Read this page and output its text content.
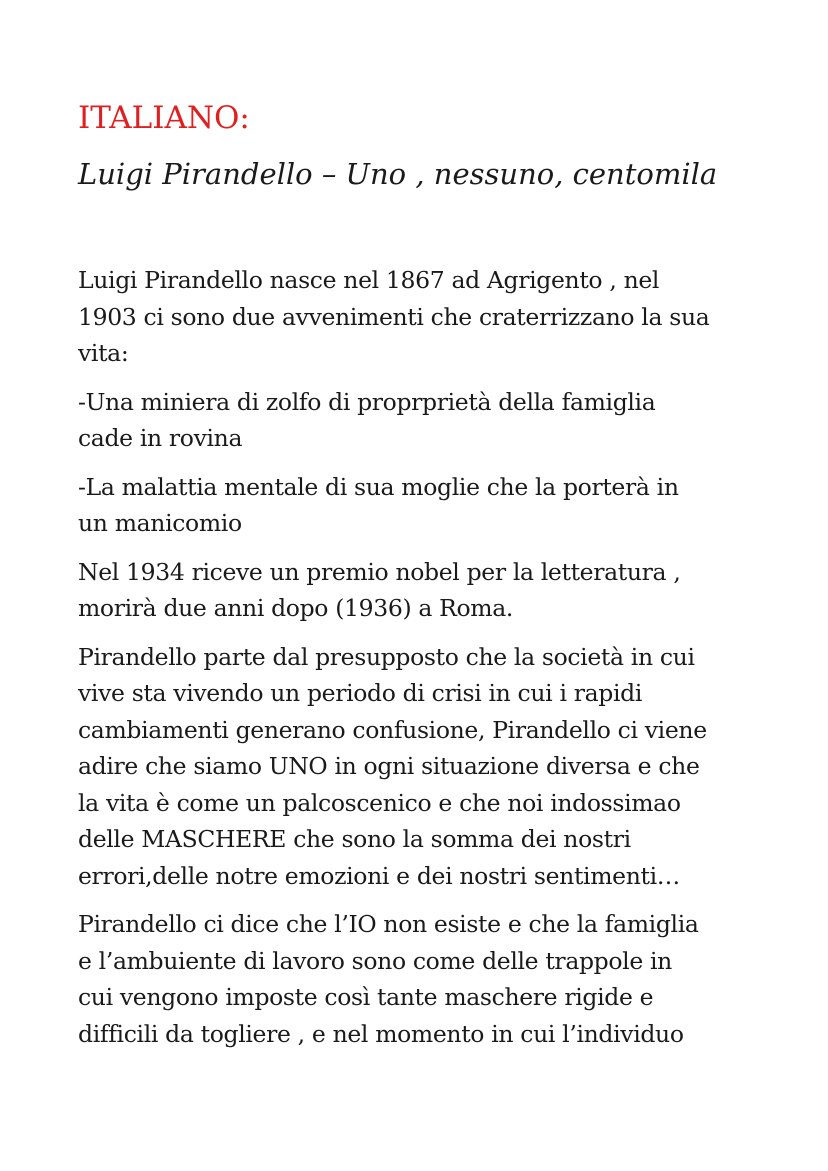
ITALIANO:
Luigi Pirandello – Uno , nessuno, centomila

Luigi Pirandello nasce nel 1867 ad Agrigento , nel
1903 ci sono due avvenimenti che craterrizzano la sua
vita:

-Una miniera di zolfo di proprprietà della famiglia
cade in rovina

-La malattia mentale di sua moglie che la porterà in
un manicomio

Nel 1934 riceve un premio nobel per la letteratura ,
morirà due anni dopo (1936) a Roma.

Pirandello parte dal presupposto che la società in cui
vive sta vivendo un periodo di crisi in cui i rapidi
cambiamenti generano confusione, Pirandello ci viene
adire che siamo UNO in ogni situazione diversa e che
la vita è come un palcoscenico e che noi indossimao
delle MASCHERE che sono la somma dei nostri
errori,delle notre emozioni e dei nostri sentimenti…

Pirandello ci dice che l’IO non esiste e che la famiglia
e l’ambuiente di lavoro sono come delle trappole in
cui vengono imposte così tante maschere rigide e
difficili da togliere , e nel momento in cui l’individuo
